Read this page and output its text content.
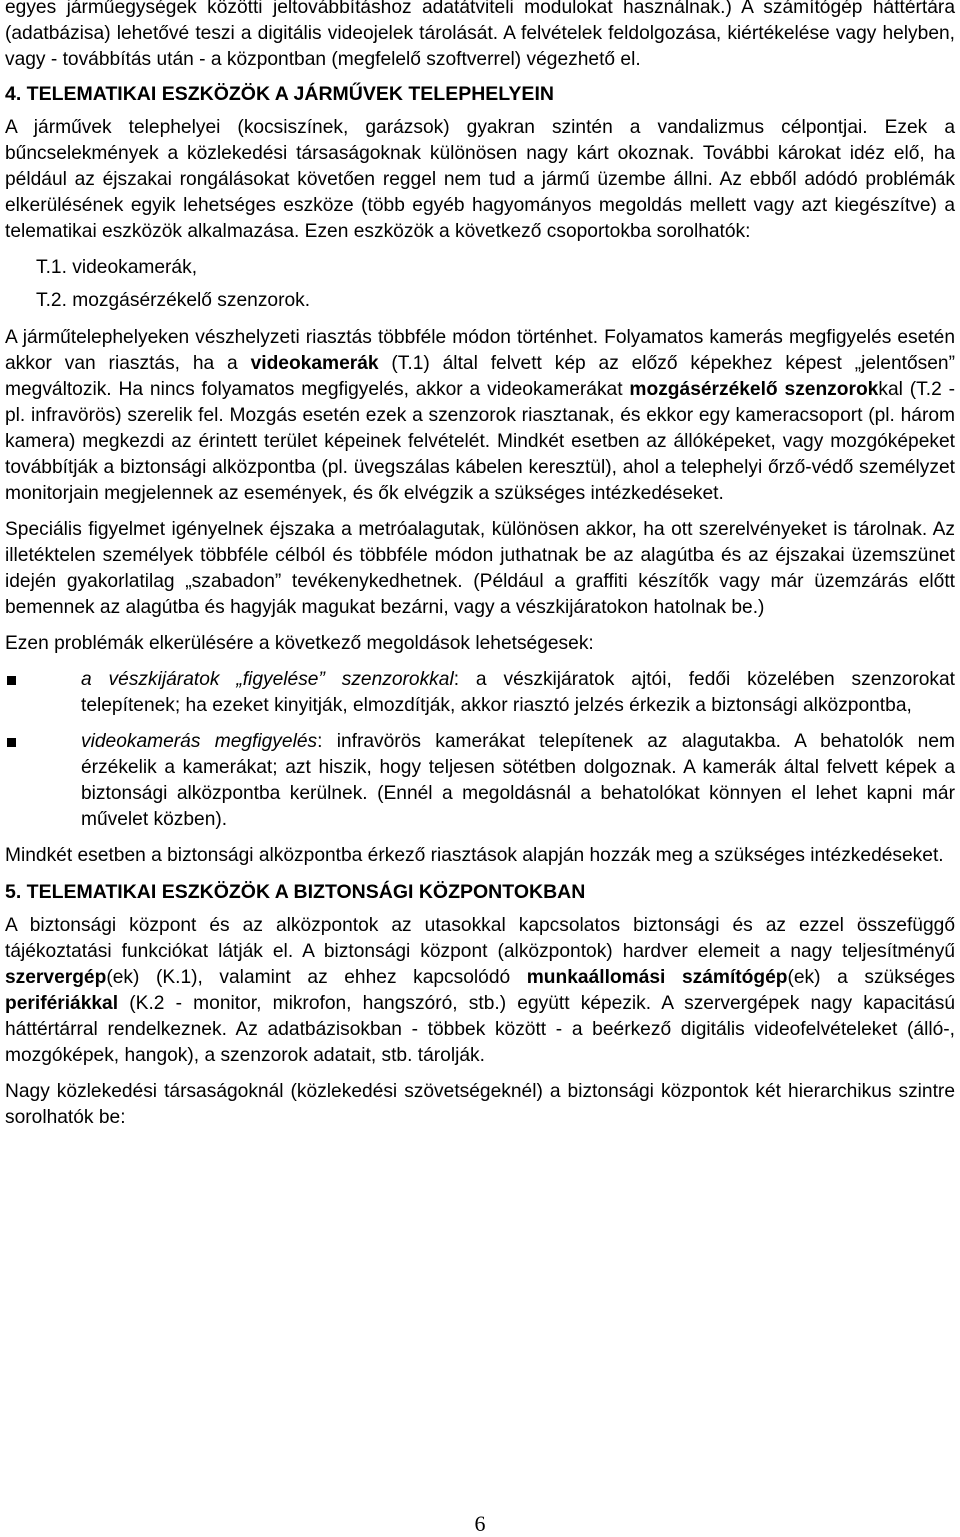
egyes járműegységek közötti jeltovábbításhoz adatátviteli modulokat használnak.) A számítógép háttértára (adatbázisa) lehetővé teszi a digitális videojelek tárolását. A felvételek feldolgozása, kiértékelése vagy helyben, vagy - továbbítás után - a központban (megfelelő szoftverrel) végezhető el.

4. TELEMATIKAI ESZKÖZÖK A JÁRMŰVEK TELEPHELYEIN

A járművek telephelyei (kocsiszínek, garázsok) gyakran szintén a vandalizmus célpontjai. Ezek a bűncselekmények a közlekedési társaságoknak különösen nagy kárt okoznak. További károkat idéz elő, ha például az éjszakai rongálásokat követően reggel nem tud a jármű üzembe állni. Az ebből adódó problémák elkerülésének egyik lehetséges eszköze (több egyéb hagyományos megoldás mellett vagy azt kiegészítve) a telematikai eszközök alkalmazása. Ezen eszközök a következő csoportokba sorolhatók:

T.1. videokamerák,
T.2. mozgásérzékelő szenzorok.

A járműtelephelyeken vészhelyzeti riasztás többféle módon történhet. Folyamatos kamerás megfigyelés esetén akkor van riasztás, ha a videokamerák (T.1) által felvett kép az előző képekhez képest „jelentősen” megváltozik. Ha nincs folyamatos megfigyelés, akkor a videokamerákat mozgásérzékelő szenzorokkal (T.2 - pl. infravörös) szerelik fel. Mozgás esetén ezek a szenzorok riasztanak, és ekkor egy kameracsoport (pl. három kamera) megkezdi az érintett terület képeinek felvételét. Mindkét esetben az állóképeket, vagy mozgóképeket továbbítják a biztonsági alközpontba (pl. üvegszálas kábelen keresztül), ahol a telephelyi őrző-védő személyzet monitorjain megjelennek az események, és ők elvégzik a szükséges intézkedéseket.

Speciális figyelmet igényelnek éjszaka a metróalagutak, különösen akkor, ha ott szerelvényeket is tárolnak. Az illetéktelen személyek többféle célból és többféle módon juthatnak be az alagútba és az éjszakai üzemszünet idején gyakorlatilag „szabadon” tevékenykedhetnek. (Például a graffiti készítők vagy már üzemzárás előtt bemennek az alagútba és hagyják magukat bezárni, vagy a vészkijáratokon hatolnak be.)

Ezen problémák elkerülésére a következő megoldások lehetségesek:

a vészkijáratok „figyelése” szenzorokkal: a vészkijáratok ajtói, fedői közelében szenzorokat telepítenek; ha ezeket kinyitják, elmozdítják, akkor riasztó jelzés érkezik a biztonsági alközpontba,

videokamerás megfigyelés: infravörös kamerákat telepítenek az alagutakba. A behatolók nem érzékelik a kamerákat; azt hiszik, hogy teljesen sötétben dolgoznak. A kamerák által felvett képek a biztonsági alközpontba kerülnek. (Ennél a megoldásnál a behatolókat könnyen el lehet kapni már művelet közben).

Mindkét esetben a biztonsági alközpontba érkező riasztások alapján hozzák meg a szükséges intézkedéseket.

5. TELEMATIKAI ESZKÖZÖK A BIZTONSÁGI KÖZPONTOKBAN

A biztonsági központ és az alközpontok az utasokkal kapcsolatos biztonsági és az ezzel összefüggő tájékoztatási funkciókat látják el. A biztonsági központ (alközpontok) hardver elemeit a nagy teljesítményű szervergép(ek) (K.1), valamint az ehhez kapcsolódó munkaállomási számítógép(ek) a szükséges perifériákkal (K.2 - monitor, mikrofon, hangszóró, stb.) együtt képezik. A szervergépek nagy kapacitású háttértárral rendelkeznek. Az adatbázisokban - többek között - a beérkező digitális videofelvételeket (álló-, mozgóképek, hangok), a szenzorok adatait, stb. tárolják.

Nagy közlekedési társaságoknál (közlekedési szövetségeknél) a biztonsági központok két hierarchikus szintre sorolhatók be:

6
